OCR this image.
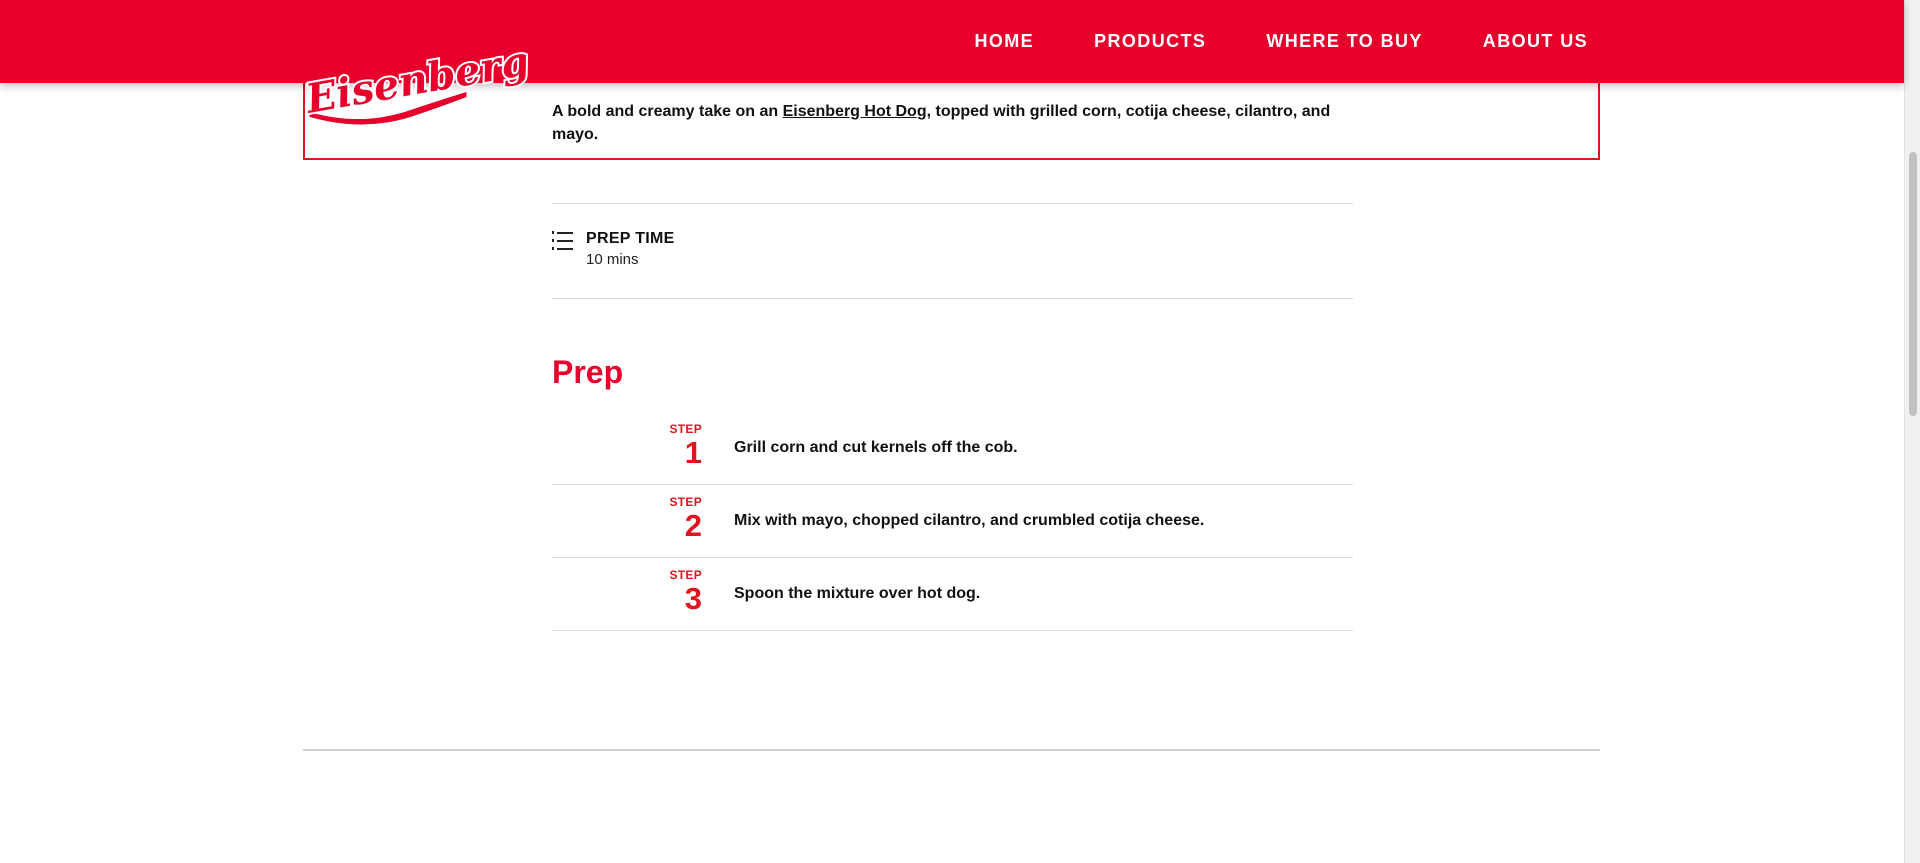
HOME	PRODUCTS	WHERE TO BUY	ABOUT US
Eisenberg A bold and creamy take on an Eisenberg Hot Dog, topped with grilled corn, cotija cheese, cilantro, and mayo.

PREP TIME
10 mins
Prep
STEP
1 Grill corn and cut kernels off the cob.
STEP
2 Mix with mayo, chopped cilantro, and crumbled cotija cheese.
STEP
3 Spoon the mixture over hot dog.
